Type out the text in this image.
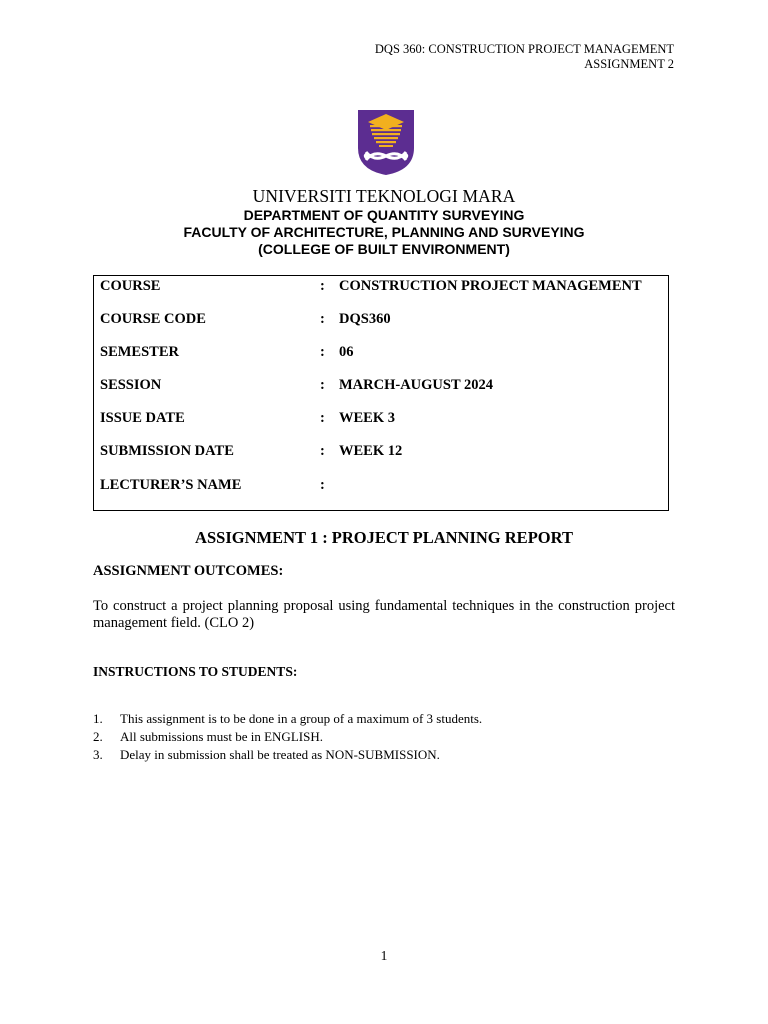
DQS 360: CONSTRUCTION PROJECT MANAGEMENT
ASSIGNMENT 2
UNIVERSITI TEKNOLOGI MARA
DEPARTMENT OF QUANTITY SURVEYING
FACULTY OF ARCHITECTURE, PLANNING AND SURVEYING
(COLLEGE OF BUILT ENVIRONMENT)
COURSE	: CONSTRUCTION PROJECT MANAGEMENT
COURSE CODE	: DQS360
SEMESTER	: 06
SESSION	: MARCH-AUGUST 2024
ISSUE DATE	: WEEK 3
SUBMISSION DATE	: WEEK 12
LECTURER’S NAME	:
ASSIGNMENT 1 : PROJECT PLANNING REPORT
ASSIGNMENT OUTCOMES:
To construct a project planning proposal using fundamental techniques in the construction project management field. (CLO 2)
INSTRUCTIONS TO STUDENTS:
1. This assignment is to be done in a group of a maximum of 3 students.
2. All submissions must be in ENGLISH.
3. Delay in submission shall be treated as NON-SUBMISSION.
1
